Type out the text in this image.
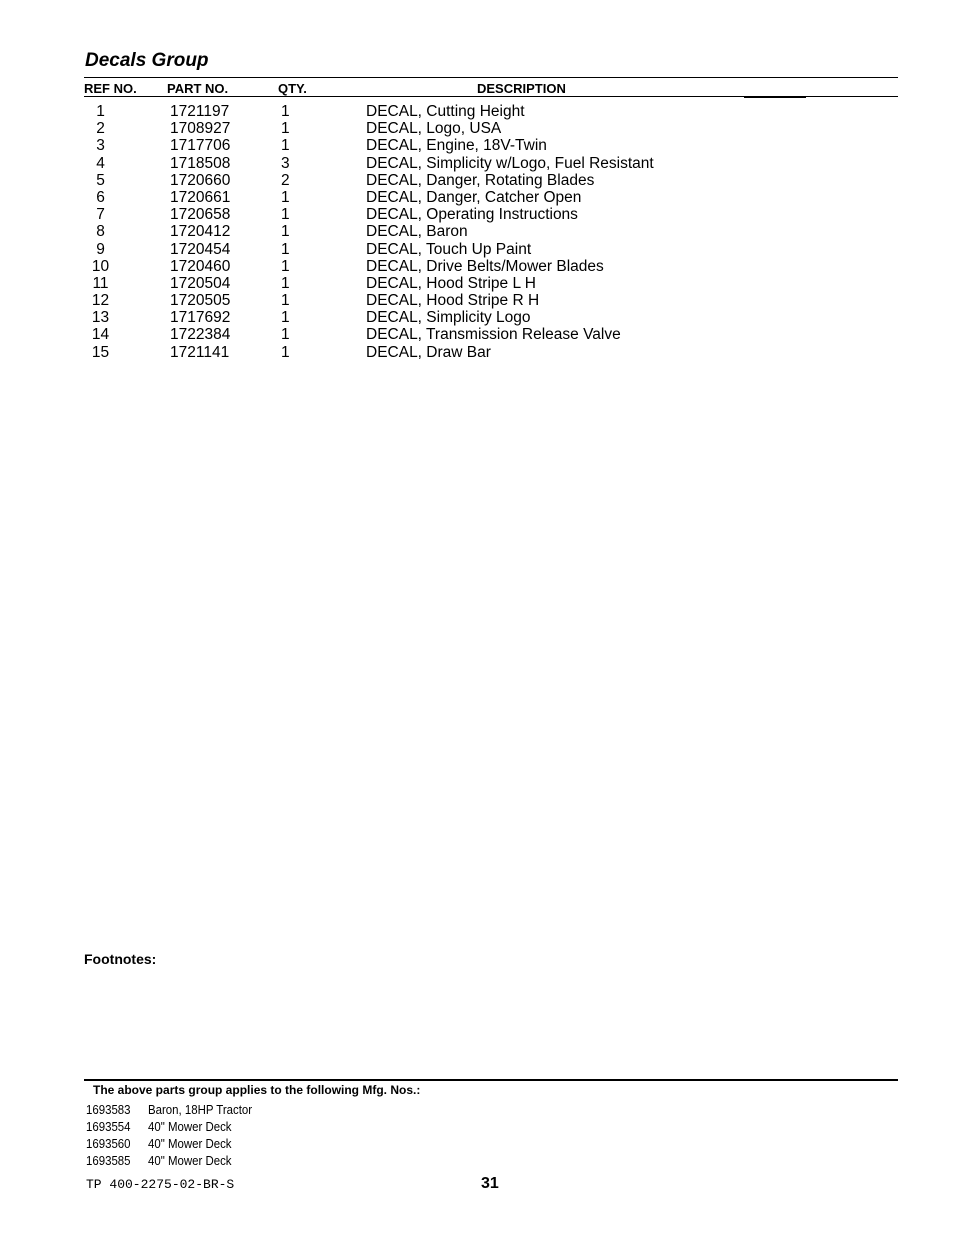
Decals Group
REF NO. PART NO.	QTY.	DESCRIPTION
1	1721197	1	DECAL, Cutting Height
2	1708927	1	DECAL, Logo, USA
3	1717706	1	DECAL, Engine, 18V-Twin
4	1718508	3	DECAL, Simplicity w/Logo, Fuel Resistant
5	1720660	2	DECAL, Danger, Rotating Blades
6	1720661	1	DECAL, Danger, Catcher Open
7	1720658	1	DECAL, Operating Instructions
8	1720412	1	DECAL, Baron
9	1720454	1	DECAL, Touch Up Paint
10	1720460	1	DECAL, Drive Belts/Mower Blades
11	1720504	1	DECAL, Hood Stripe L H
12	1720505	1	DECAL, Hood Stripe R H
13	1717692	1	DECAL, Simplicity Logo
14	1722384	1	DECAL, Transmission Release Valve
15	1721141	1	DECAL, Draw Bar
Footnotes:
The above parts group applies to the following Mfg. Nos.:
1693583 Baron, 18HP Tractor
1693554 40" Mower Deck
1693560 40" Mower Deck
1693585 40" Mower Deck
TP 400-2275-02-BR-S	31
